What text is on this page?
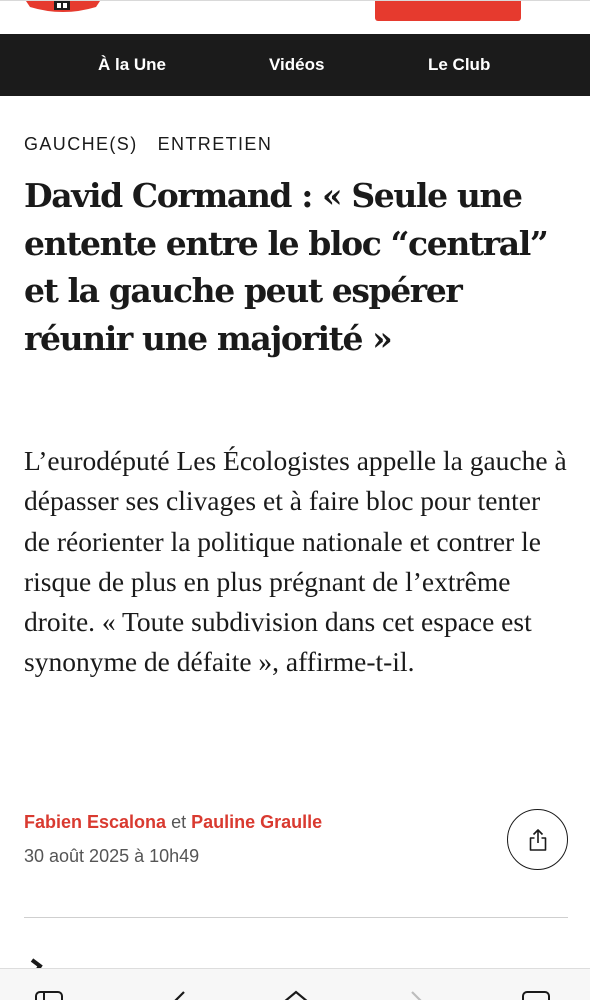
À la Une	Vidéos	Le Club
GAUCHE(S) ENTRETIEN
David Cormand : « Seule une entente entre le bloc “central” et la gauche peut espérer réunir une majorité »

L’eurodéputé Les Écologistes appelle la gauche à dépasser ses clivages et à faire bloc pour tenter de réorienter la politique nationale et contrer le risque de plus en plus prégnant de l’extrême droite. « Toute subdivision dans cet espace est synonyme de défaite », affirme-t-il.

Fabien Escalona et Pauline Graulle
30 août 2025 à 10h49
